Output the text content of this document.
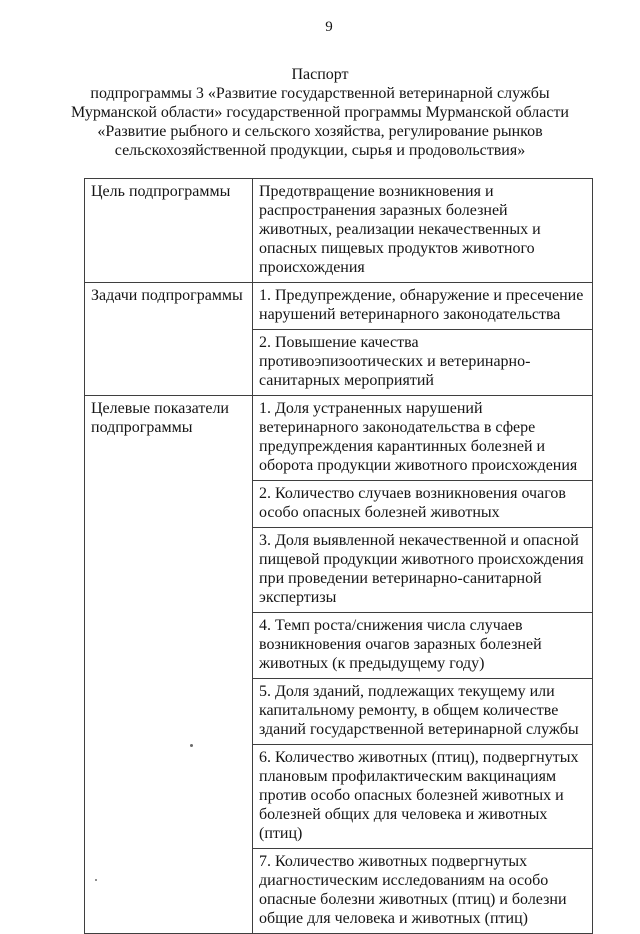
9
Паспорт
подпрограммы 3 «Развитие государственной ветеринарной службы
Мурманской области» государственной программы Мурманской области
«Развитие рыбного и сельского хозяйства, регулирование рынков
сельскохозяйственной продукции, сырья и продовольствия»
Цель подпрограммы	Предотвращение возникновения и распространения заразных болезней животных, реализации некачественных и опасных пищевых продуктов животного происхождения
Задачи подпрограммы	1. Предупреждение, обнаружение и пресечение нарушений ветеринарного законодательства
	2. Повышение качества противоэпизоотических и ветеринарно-санитарных мероприятий
Целевые показатели подпрограммы	1. Доля устраненных нарушений ветеринарного законодательства в сфере предупреждения карантинных болезней и оборота продукции животного происхождения
	2. Количество случаев возникновения очагов особо опасных болезней животных
	3. Доля выявленной некачественной и опасной пищевой продукции животного происхождения при проведении ветеринарно-санитарной экспертизы
	4. Темп роста/снижения числа случаев возникновения очагов заразных болезней животных (к предыдущему году)
	5. Доля зданий, подлежащих текущему или капитальному ремонту, в общем количестве зданий государственной ветеринарной службы
	6. Количество животных (птиц), подвергнутых плановым профилактическим вакцинациям против особо опасных болезней животных и болезней общих для человека и животных (птиц)
	7. Количество животных подвергнутых диагностическим исследованиям на особо опасные болезни животных (птиц) и болезни общие для человека и животных (птиц)
